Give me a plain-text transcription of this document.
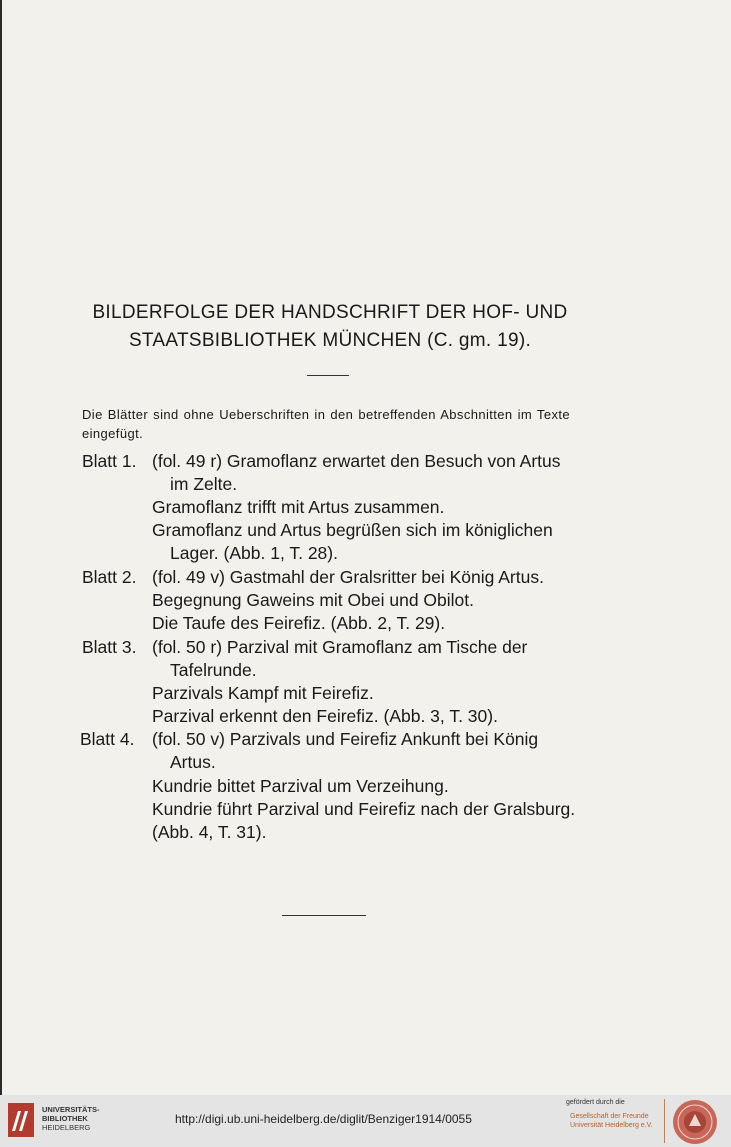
BILDERFOLGE DER HANDSCHRIFT DER HOF- UND
STAATSBIBLIOTHEK MÜNCHEN (C. gm. 19).
Die Blätter sind ohne Ueberschriften in den betreffenden Abschnitten im Texte eingefügt.
Blatt 1. (fol. 49 r) Gramoflanz erwartet den Besuch von Artus
im Zelte.
Gramoflanz trifft mit Artus zusammen.
Gramoflanz und Artus begrüßen sich im königlichen
Lager. (Abb. 1, T. 28).
Blatt 2. (fol. 49 v) Gastmahl der Gralsritter bei König Artus.
Begegnung Gaweins mit Obei und Obilot.
Die Taufe des Feirefiz. (Abb. 2, T. 29).
Blatt 3. (fol. 50 r) Parzival mit Gramoflanz am Tische der
Tafelrunde.
Parzivals Kampf mit Feirefiz.
Parzival erkennt den Feirefiz. (Abb. 3, T. 30).
Blatt 4. (fol. 50 v) Parzivals und Feirefiz Ankunft bei König
Artus.
Kundrie bittet Parzival um Verzeihung.
Kundrie führt Parzival und Feirefiz nach der Gralsburg.
(Abb. 4, T. 31).
UNIVERSITÄTS-
BIBLIOTHEK
HEIDELBERG
http://digi.ub.uni-heidelberg.de/diglit/Benziger1914/0055
gefördert durch die
Gesellschaft der Freunde
Universität Heidelberg e.V.
